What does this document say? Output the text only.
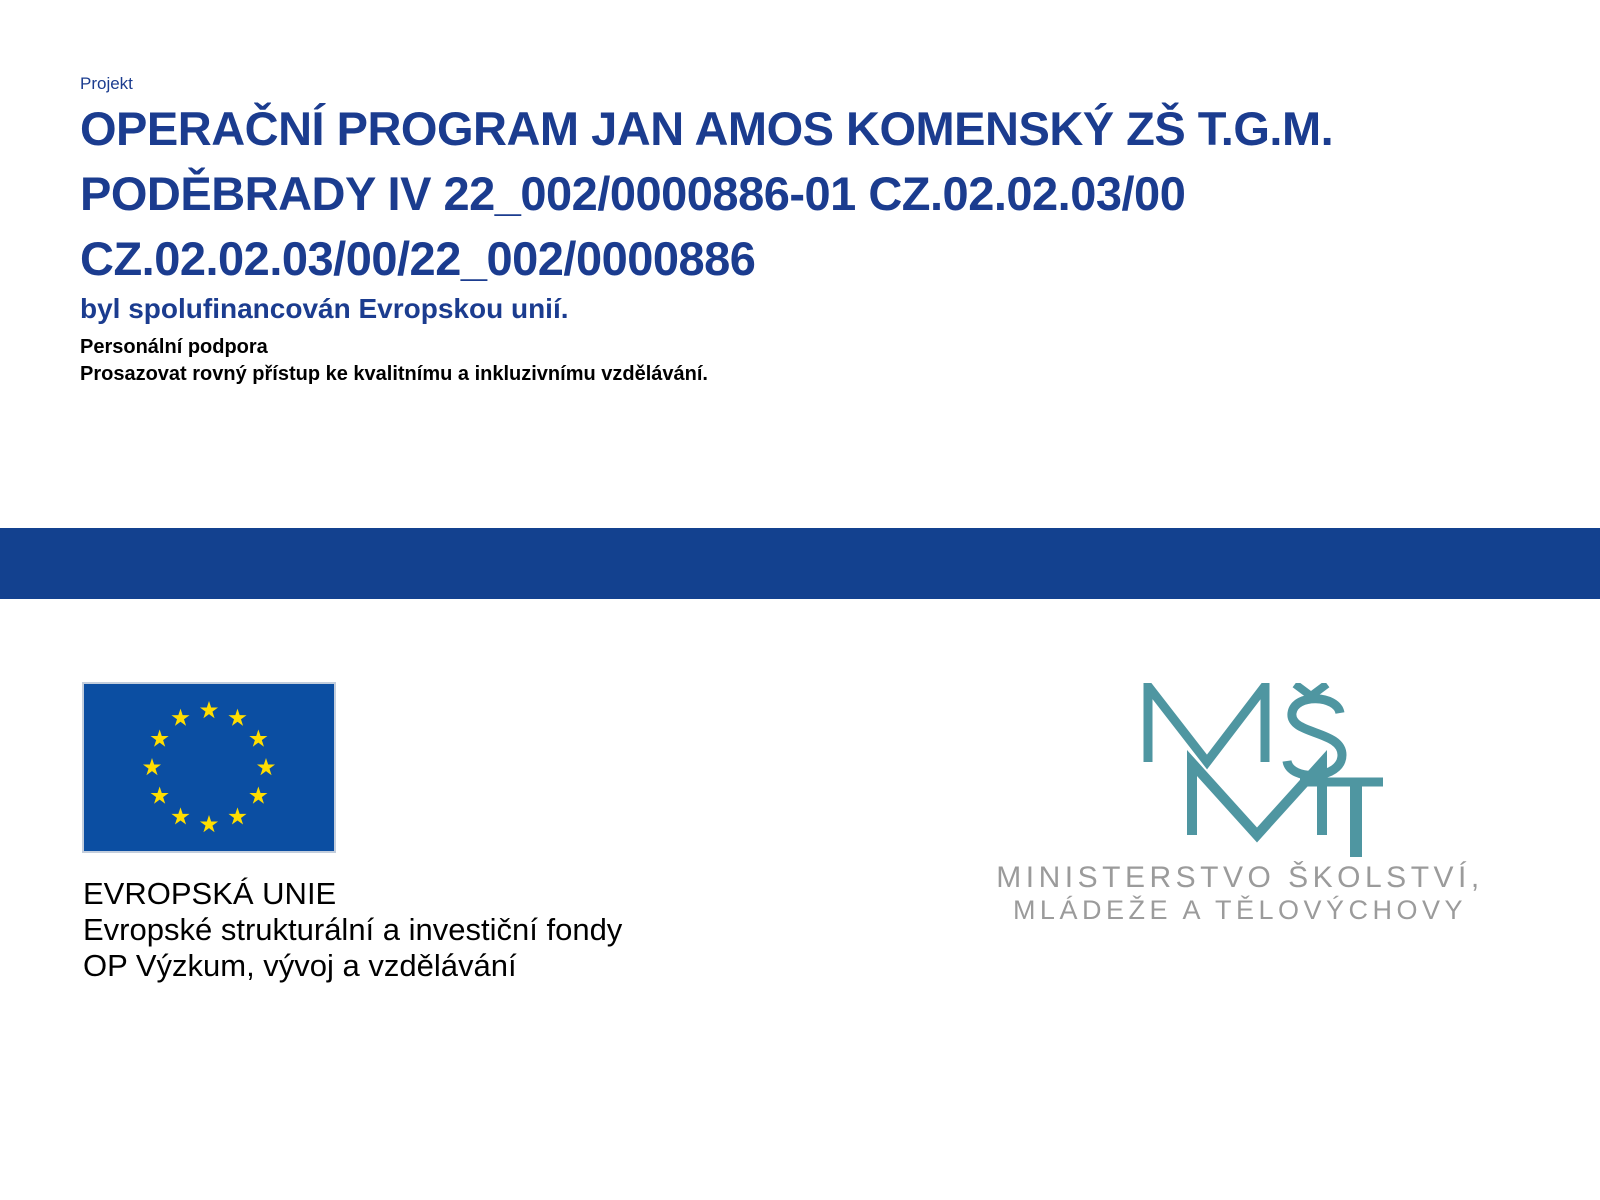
Projekt
OPERAČNÍ PROGRAM JAN AMOS KOMENSKÝ ZŠ T.G.M.
PODĚBRADY IV 22_002/0000886-01 CZ.02.02.03/00
CZ.02.02.03/00/22_002/0000886
byl spolufinancován Evropskou unií.
Personální podpora
Prosazovat rovný přístup ke kvalitnímu a inkluzivnímu vzdělávání.
EVROPSKÁ UNIE
Evropské strukturální a investiční fondy
OP Výzkum, vývoj a vzdělávání
MINISTERSTVO ŠKOLSTVÍ,
MLÁDEŽE A TĚLOVÝCHOVY
